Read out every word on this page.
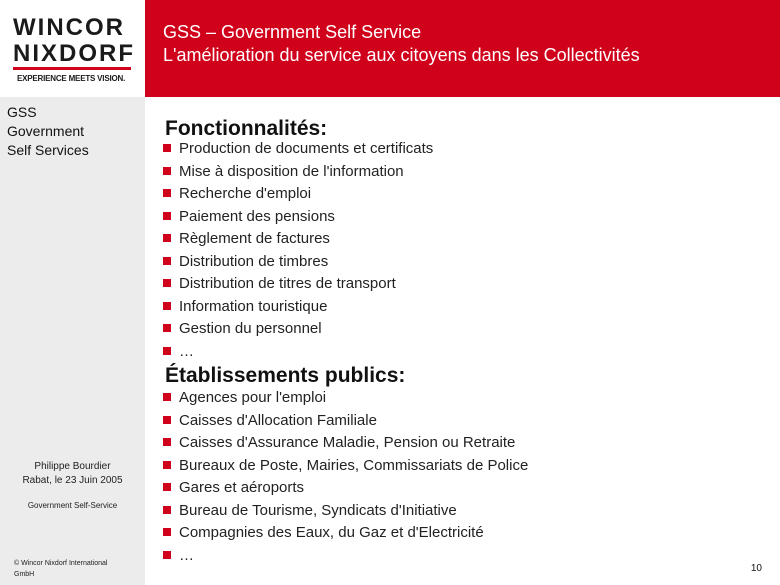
WINCOR
NIXDORF
EXPERIENCE MEETS VISION.
GSS
Government
Self Services
Philippe Bourdier
Rabat, le 23 Juin 2005
Government Self-Service
© Wincor Nixdorf International
GmbH
GSS – Government Self Service
L'amélioration du service aux citoyens dans les Collectivités
Fonctionnalités:
Production de documents et certificats
Mise à disposition de l'information
Recherche d'emploi
Paiement des pensions
Règlement de factures
Distribution de timbres
Distribution de titres de transport
Information touristique
Gestion du personnel
…
Établissements publics:
Agences pour l'emploi
Caisses d'Allocation Familiale
Caisses d'Assurance Maladie, Pension ou Retraite
Bureaux de Poste, Mairies, Commissariats de Police
Gares et aéroports
Bureau de Tourisme, Syndicats d'Initiative
Compagnies des Eaux, du Gaz et d'Electricité
…
10
